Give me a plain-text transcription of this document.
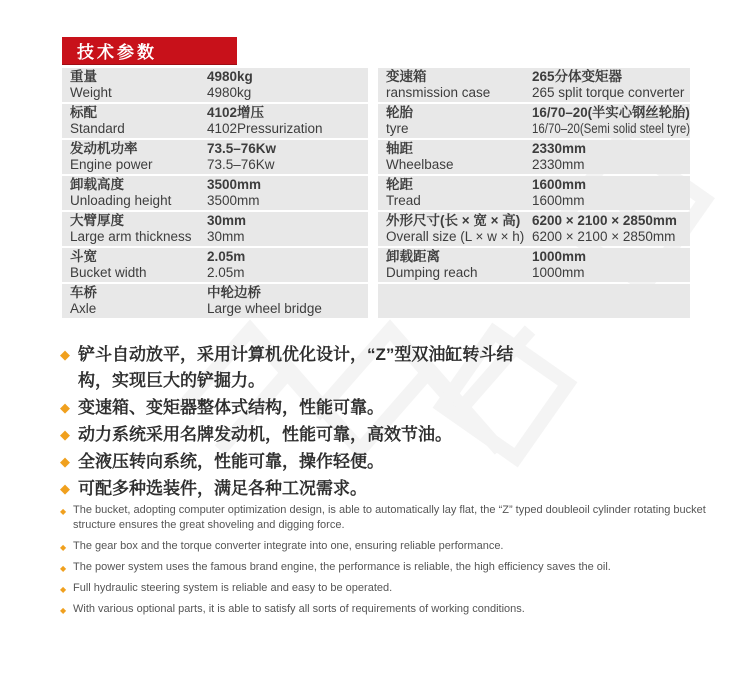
技术参数
重量
Weight
4980kg
4980kg
标配
Standard
4102增压
4102Pressurization
发动机功率
Engine power
73.5–76Kw
73.5–76Kw
卸载高度
Unloading height
3500mm
3500mm
大臂厚度
Large arm thickness
30mm
30mm
斗宽
Bucket width
2.05m
2.05m
车桥
Axle
中轮边桥
Large wheel bridge
变速箱
ransmission case
265分体变矩器
265 split torque converter
轮胎
tyre
16/70–20(半实心钢丝轮胎)
16/70–20(Semi solid steel tyre)
轴距
Wheelbase
2330mm
2330mm
轮距
Tread
1600mm
1600mm
外形尺寸(长 × 宽 × 高)
Overall size (L × w × h)
6200 × 2100 × 2850mm
6200 × 2100 × 2850mm
卸载距离
Dumping reach
1000mm
1000mm
◆ 铲斗自动放平，采用计算机优化设计，“Z”型双油缸转斗结构，实现巨大的铲掘力。
◆ 变速箱、变矩器整体式结构，性能可靠。
◆ 动力系统采用名牌发动机，性能可靠，高效节油。
◆ 全液压转向系统，性能可靠，操作轻便。
◆ 可配多种选装件，满足各种工况需求。
◆ The bucket, adopting computer optimization design, is able to automatically lay flat, the “Z” typed doubleoil cylinder rotating bucket structure ensures the great shoveling and digging force.
◆ The gear box and the torque converter integrate into one, ensuring reliable performance.
◆ The power system uses the famous brand engine, the performance is reliable, the high efficiency saves the oil.
◆ Full hydraulic steering system is reliable and easy to be operated.
◆ With various optional parts, it is able to satisfy all sorts of requirements of working conditions.
